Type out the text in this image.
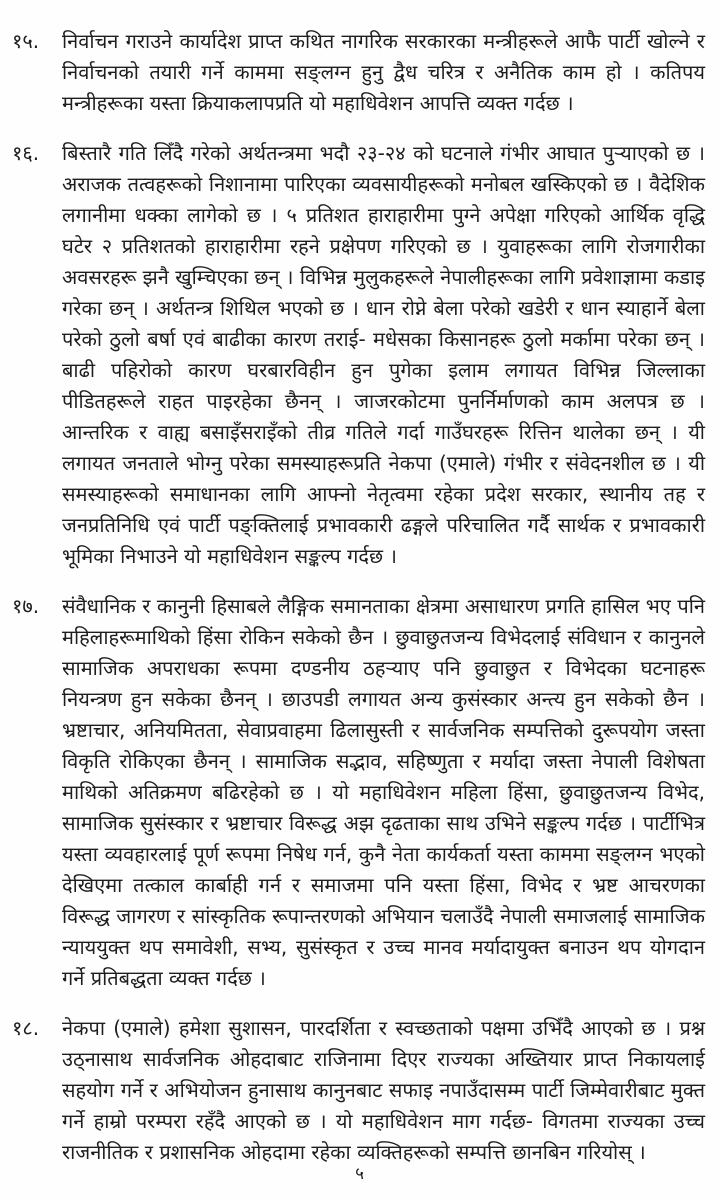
१५.	निर्वाचन गराउने कार्यादेश प्राप्त कथित नागरिक सरकारका मन्त्रीहरूले आफै पार्टी खोल्ने र निर्वाचनको तयारी गर्ने काममा सङ्लग्न हुनु द्वैध चरित्र र अनैतिक काम हो । कतिपय मन्त्रीहरूका यस्ता क्रियाकलापप्रति यो महाधिवेशन आपत्ति व्यक्त गर्दछ ।
१६.	बिस्तारै गति लिँदै गरेको अर्थतन्त्रमा भदौ २३-२४ को घटनाले गंभीर आघात पुऱ्याएको छ । अराजक तत्वहरूको निशानामा पारिएका व्यवसायीहरूको मनोबल खस्किएको छ । वैदेशिक लगानीमा धक्का लागेको छ । ५ प्रतिशत हाराहारीमा पुग्ने अपेक्षा गरिएको आर्थिक वृद्धि घटेर २ प्रतिशतको हाराहारीमा रहने प्रक्षेपण गरिएको छ । युवाहरूका लागि रोजगारीका अवसरहरू झनै खुम्चिएका छन् । विभिन्न मुलुकहरूले नेपालीहरूका लागि प्रवेशाज्ञामा कडाइ गरेका छन् । अर्थतन्त्र शिथिल भएको छ । धान रोप्ने बेला परेको खडेरी र धान स्याहार्ने बेला परेको ठुलो बर्षा एवं बाढीका कारण तराई- मधेसका किसानहरू ठुलो मर्कामा परेका छन् । बाढी पहिरोको कारण घरबारविहीन हुन पुगेका इलाम लगायत विभिन्न जिल्लाका पीडितहरूले राहत पाइरहेका छैनन् । जाजरकोटमा पुनर्निर्माणको काम अलपत्र छ । आन्तरिक र वाह्य बसाइँसराइँको तीव्र गतिले गर्दा गाउँघरहरू रित्तिन थालेका छन् । यी लगायत जनताले भोग्नु परेका समस्याहरूप्रति नेकपा (एमाले) गंभीर र संवेदनशील छ । यी समस्याहरूको समाधानका लागि आफ्नो नेतृत्वमा रहेका प्रदेश सरकार, स्थानीय तह र जनप्रतिनिधि एवं पार्टी पङ्क्तिलाई प्रभावकारी ढङ्गले परिचालित गर्दै सार्थक र प्रभावकारी भूमिका निभाउने यो महाधिवेशन सङ्कल्प गर्दछ ।
१७.	संवैधानिक र कानुनी हिसाबले लैङ्गिक समानताका क्षेत्रमा असाधारण प्रगति हासिल भए पनि महिलाहरूमाथिको हिंसा रोकिन सकेको छैन । छुवाछुतजन्य विभेदलाई संविधान र कानुनले सामाजिक अपराधका रूपमा दण्डनीय ठहऱ्याए पनि छुवाछुत र विभेदका घटनाहरू नियन्त्रण हुन सकेका छैनन् । छाउपडी लगायत अन्य कुसंस्कार अन्त्य हुन सकेको छैन । भ्रष्टाचार, अनियमितता, सेवाप्रवाहमा ढिलासुस्ती र सार्वजनिक सम्पत्तिको दुरूपयोग जस्ता विकृति रोकिएका छैनन् । सामाजिक सद्भाव, सहिष्णुता र मर्यादा जस्ता नेपाली विशेषता माथिको अतिक्रमण बढिरहेको छ । यो महाधिवेशन महिला हिंसा, छुवाछुतजन्य विभेद, सामाजिक सुसंस्कार र भ्रष्टाचार विरूद्ध अझ दृढताका साथ उभिने सङ्कल्प गर्दछ । पार्टीभित्र यस्ता व्यवहारलाई पूर्ण रूपमा निषेध गर्न, कुनै नेता कार्यकर्ता यस्ता काममा सङ्लग्न भएको देखिएमा तत्काल कार्बाही गर्न र समाजमा पनि यस्ता हिंसा, विभेद र भ्रष्ट आचरणका विरूद्ध जागरण र सांस्कृतिक रूपान्तरणको अभियान चलाउँदै नेपाली समाजलाई सामाजिक न्याययुक्त थप समावेशी, सभ्य, सुसंस्कृत र उच्च मानव मर्यादायुक्त बनाउन थप योगदान गर्ने प्रतिबद्धता व्यक्त गर्दछ ।
१८.	नेकपा (एमाले) हमेशा सुशासन, पारदर्शिता र स्वच्छताको पक्षमा उभिँदै आएको छ । प्रश्न उठ्नासाथ सार्वजनिक ओहदाबाट राजिनामा दिएर राज्यका अख्तियार प्राप्त निकायलाई सहयोग गर्ने र अभियोजन हुनासाथ कानुनबाट सफाइ नपाउँदासम्म पार्टी जिम्मेवारीबाट मुक्त गर्ने हाम्रो परम्परा रहँदै आएको छ । यो महाधिवेशन माग गर्दछ- विगतमा राज्यका उच्च राजनीतिक र प्रशासनिक ओहदामा रहेका व्यक्तिहरूको सम्पत्ति छानबिन गरियोस् ।
५
